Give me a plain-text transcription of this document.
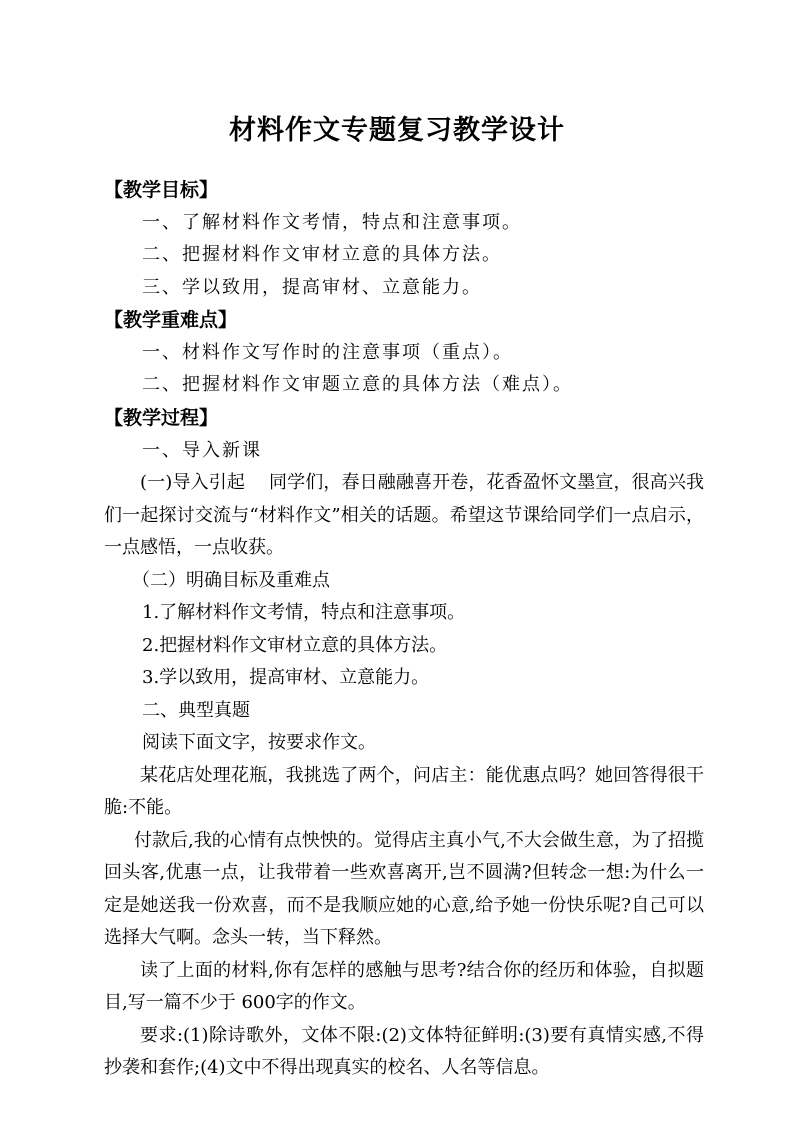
材料作文专题复习教学设计
【教学目标】
一、了解材料作文考情，特点和注意事项。
二、把握材料作文审材立意的具体方法。
三、学以致用，提高审材、立意能力。
【教学重难点】
一、材料作文写作时的注意事项（重点）。
二、把握材料作文审题立意的具体方法（难点）。
【教学过程】
一、导入新课
(一)导入引起　 同学们，春日融融喜开卷，花香盈怀文墨宣，很高兴我们一起探讨交流与“材料作文”相关的话题。希望这节课给同学们一点启示，一点感悟，一点收获。
（二）明确目标及重难点
1.了解材料作文考情，特点和注意事项。
2.把握材料作文审材立意的具体方法。
3.学以致用，提高审材、立意能力。
二、典型真题
阅读下面文字，按要求作文。
某花店处理花瓶，我挑选了两个，问店主：能优惠点吗？她回答得很干脆:不能。
付款后,我的心情有点怏怏的。觉得店主真小气,不大会做生意，为了招揽回头客,优惠一点，让我带着一些欢喜离开,岂不圆满?但转念一想:为什么一定是她送我一份欢喜，而不是我顺应她的心意,给予她一份快乐呢?自己可以选择大气啊。念头一转，当下释然。
读了上面的材料,你有怎样的感触与思考?结合你的经历和体验，自拟题目,写一篇不少于 600字的作文。
要求:(1)除诗歌外，文体不限:(2)文体特征鲜明:(3)要有真情实感,不得抄袭和套作;(4)文中不得出现真实的校名、人名等信息。
